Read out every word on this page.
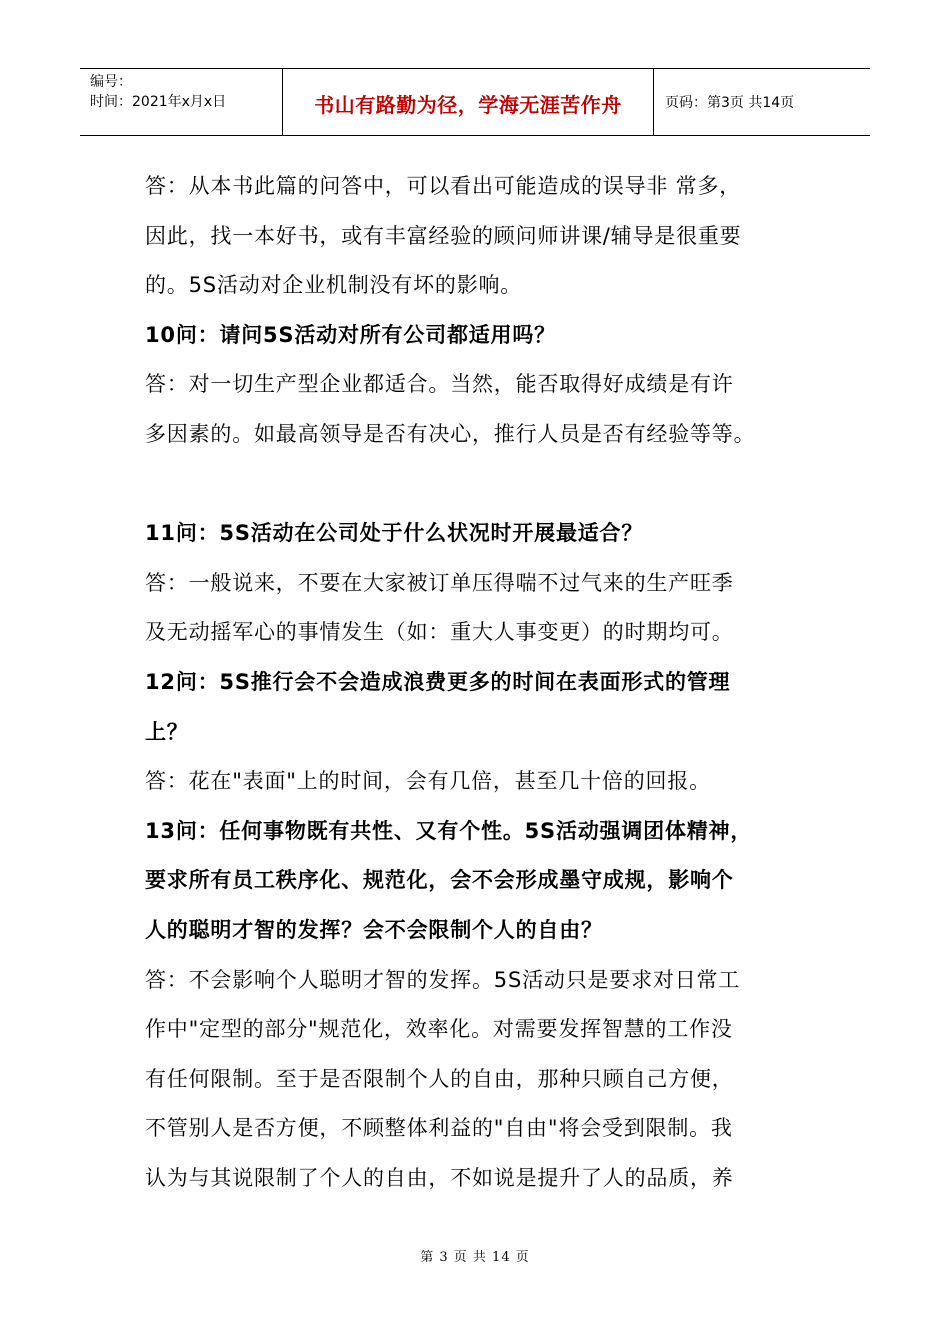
编号：
时间：2021年x月x日	书山有路勤为径，学海无涯苦作舟	页码：第3页 共14页
答：从本书此篇的问答中，可以看出可能造成的误导非 常多，
因此，找一本好书，或有丰富经验的顾问师讲课/辅导是很重要
的。5S活动对企业机制没有坏的影响。
10问：请问5S活动对所有公司都适用吗？
答：对一切生产型企业都适合。当然，能否取得好成绩是有许
多因素的。如最高领导是否有决心，推行人员是否有经验等等。
11问：5S活动在公司处于什么状况时开展最适合？
答：一般说来，不要在大家被订单压得喘不过气来的生产旺季
及无动摇军心的事情发生（如：重大人事变更）的时期均可。
12问：5S推行会不会造成浪费更多的时间在表面形式的管理
上？
答：花在"表面"上的时间，会有几倍，甚至几十倍的回报。
13问：任何事物既有共性、又有个性。5S活动强调团体精神，
要求所有员工秩序化、规范化，会不会形成墨守成规，影响个
人的聪明才智的发挥？会不会限制个人的自由？
答：不会影响个人聪明才智的发挥。5S活动只是要求对日常工
作中"定型的部分"规范化，效率化。对需要发挥智慧的工作没
有任何限制。至于是否限制个人的自由，那种只顾自己方便，
不管别人是否方便，不顾整体利益的"自由"将会受到限制。我
认为与其说限制了个人的自由，不如说是提升了人的品质，养
第 3 页 共 14 页
